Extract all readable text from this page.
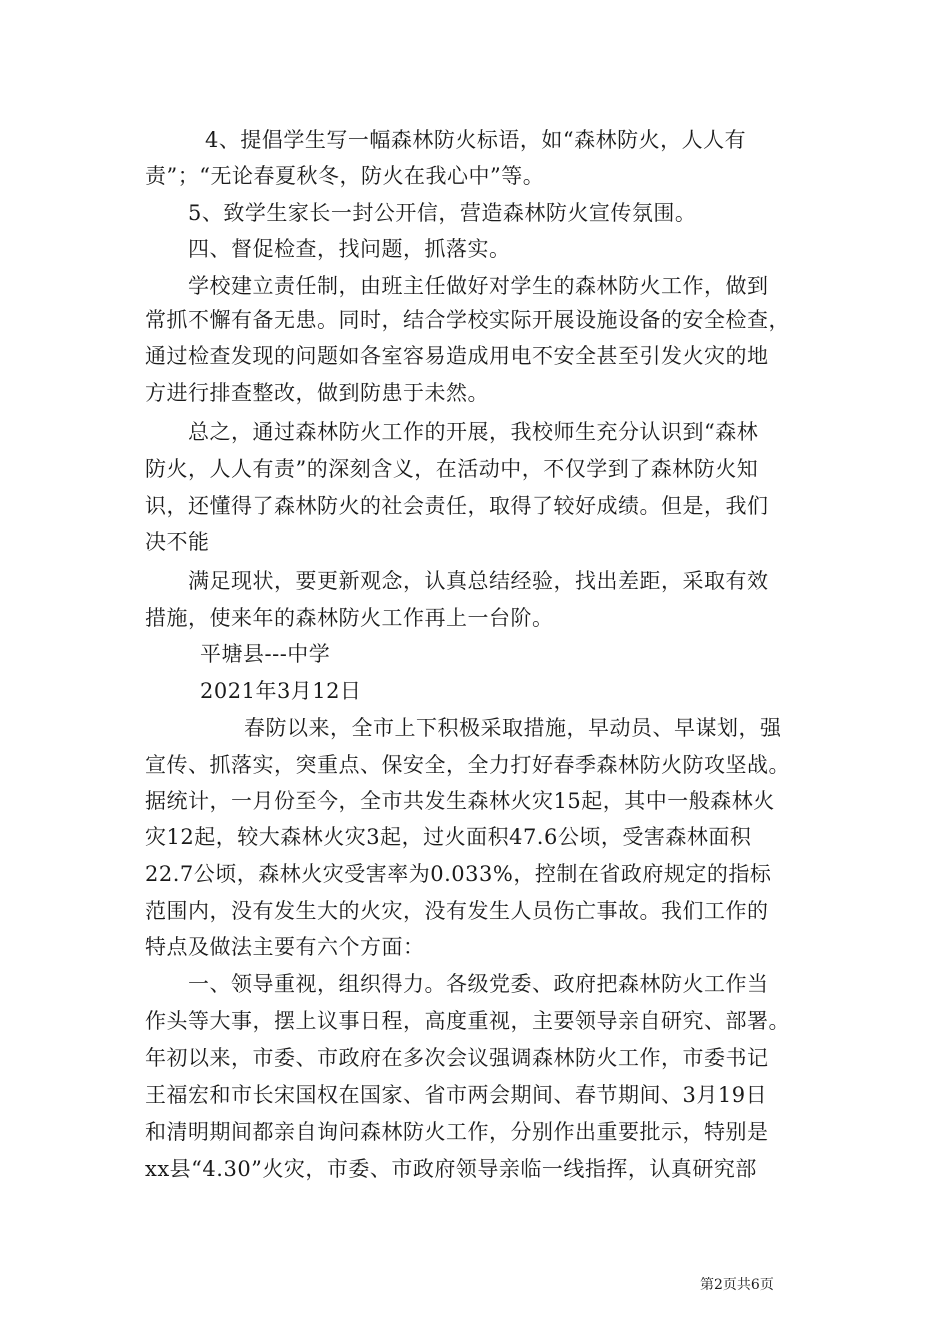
4、提倡学生写一幅森林防火标语，如“森林防火，人人有
责”；“无论春夏秋冬，防火在我心中”等。
5、致学生家长一封公开信，营造森林防火宣传氛围。
四、督促检查，找问题，抓落实。
学校建立责任制，由班主任做好对学生的森林防火工作，做到
常抓不懈有备无患。同时，结合学校实际开展设施设备的安全检查，
通过检查发现的问题如各室容易造成用电不安全甚至引发火灾的地
方进行排查整改，做到防患于未然。
总之，通过森林防火工作的开展，我校师生充分认识到“森林
防火，人人有责”的深刻含义，在活动中，不仅学到了森林防火知
识，还懂得了森林防火的社会责任，取得了较好成绩。但是，我们
决不能
满足现状，要更新观念，认真总结经验，找出差距，采取有效
措施，使来年的森林防火工作再上一台阶。
平塘县---中学
2021年3月12日
春防以来，全市上下积极采取措施，早动员、早谋划，强
宣传、抓落实，突重点、保安全，全力打好春季森林防火防攻坚战。
据统计，一月份至今，全市共发生森林火灾15起，其中一般森林火
灾12起，较大森林火灾3起，过火面积47.6公顷，受害森林面积
22.7公顷，森林火灾受害率为0.033%，控制在省政府规定的指标
范围内，没有发生大的火灾，没有发生人员伤亡事故。我们工作的
特点及做法主要有六个方面：
一、领导重视，组织得力。各级党委、政府把森林防火工作当
作头等大事，摆上议事日程，高度重视，主要领导亲自研究、部署。
年初以来，市委、市政府在多次会议强调森林防火工作，市委书记
王福宏和市长宋国权在国家、省市两会期间、春节期间、3月19日
和清明期间都亲自询问森林防火工作，分别作出重要批示，特别是
xx县“4.30”火灾，市委、市政府领导亲临一线指挥，认真研究部
第2页共6页
